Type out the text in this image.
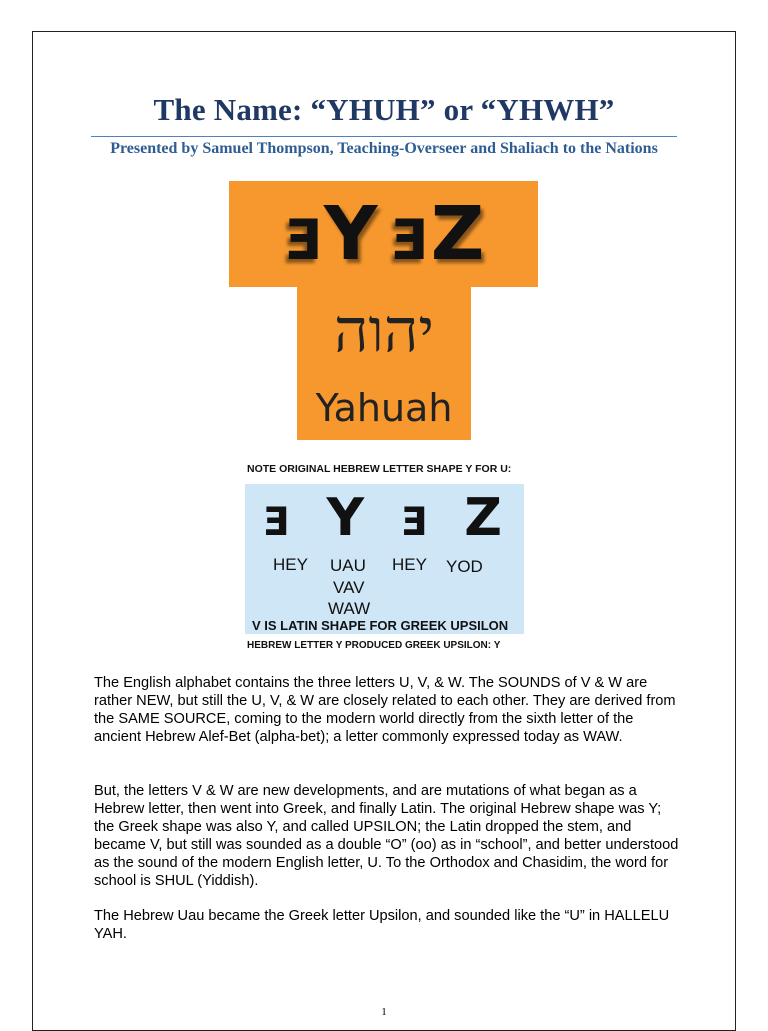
The Name: “YHUH” or “YHWH”
Presented by Samuel Thompson, Teaching-Overseer and Shaliach to the Nations
ᴇ Y ᴇ Z
יהוה
Yahuah
NOTE ORIGINAL HEBREW LETTER SHAPE Y FOR U:
ᴇ Y ᴇ Z
HEY UAU
VAV
WAW
HEY YOD
V IS LATIN SHAPE FOR GREEK UPSILON
HEBREW LETTER Y PRODUCED GREEK UPSILON: Y

The English alphabet contains the three letters U, V, & W. The SOUNDS of V & W are rather NEW, but still the U, V, & W are closely related to each other. They are derived from the SAME SOURCE, coming to the modern world directly from the sixth letter of the ancient Hebrew Alef-Bet (alpha-bet); a letter commonly expressed today as WAW.

But, the letters V & W are new developments, and are mutations of what began as a Hebrew letter, then went into Greek, and finally Latin. The original Hebrew shape was Y; the Greek shape was also Y, and called UPSILON; the Latin dropped the stem, and became V, but still was sounded as a double “O” (oo) as in “school”, and better understood as the sound of the modern English letter, U. To the Orthodox and Chasidim, the word for school is SHUL (Yiddish).

The Hebrew Uau became the Greek letter Upsilon, and sounded like the “U” in HALLELU YAH.

1
